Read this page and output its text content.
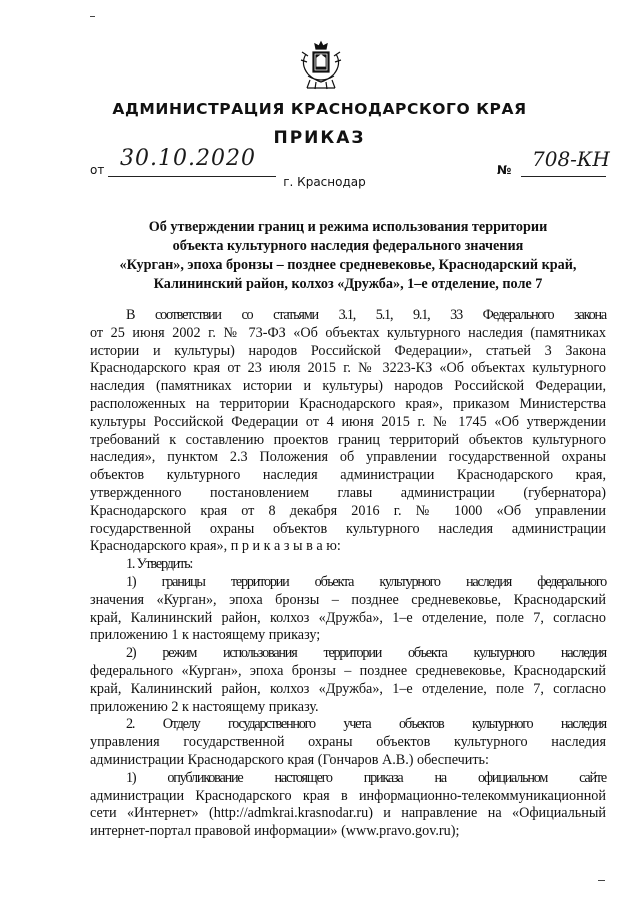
АДМИНИСТРАЦИЯ КРАСНОДАРСКОГО КРАЯ
ПРИКАЗ
от 30.10.2020	№ 708-КН
г. Краснодар
Об утверждении границ и режима использования территории
объекта культурного наследия федерального значения
«Курган», эпоха бронзы – позднее средневековье, Краснодарский край,
Калининский район, колхоз «Дружба», 1–е отделение, поле 7
В соответствии со статьями 3.1, 5.1, 9.1, 33 Федерального закона
от 25 июня 2002 г. № 73-ФЗ «Об объектах культурного наследия (памятниках
истории и культуры) народов Российской Федерации», статьей 3 Закона
Краснодарского края от 23 июля 2015 г. № 3223-КЗ «Об объектах культурного
наследия (памятниках истории и культуры) народов Российской Федерации,
расположенных на территории Краснодарского края», приказом Министерства
культуры Российской Федерации от 4 июня 2015 г. № 1745 «Об утверждении
требований к составлению проектов границ территорий объектов культурного
наследия», пунктом 2.3 Положения об управлении государственной охраны
объектов культурного наследия администрации Краснодарского края,
утвержденного постановлением главы администрации (губернатора)
Краснодарского края от 8 декабря 2016 г. № 1000 «Об управлении
государственной охраны объектов культурного наследия администрации
Краснодарского края», п р и к а з ы в а ю:
1. Утвердить:
1) границы территории объекта культурного наследия федерального
значения «Курган», эпоха бронзы – позднее средневековье, Краснодарский
край, Калининский район, колхоз «Дружба», 1–е отделение, поле 7, согласно
приложению 1 к настоящему приказу;
2) режим использования территории объекта культурного наследия
федерального «Курган», эпоха бронзы – позднее средневековье, Краснодарский
край, Калининский район, колхоз «Дружба», 1–е отделение, поле 7, согласно
приложению 2 к настоящему приказу.
2. Отделу государственного учета объектов культурного наследия
управления государственной охраны объектов культурного наследия
администрации Краснодарского края (Гончаров А.В.) обеспечить:
1) опубликование настоящего приказа на официальном сайте
администрации Краснодарского края в информационно-телекоммуникационной
сети «Интернет» (http://admkrai.krasnodar.ru) и направление на «Официальный
интернет-портал правовой информации» (www.pravo.gov.ru);
